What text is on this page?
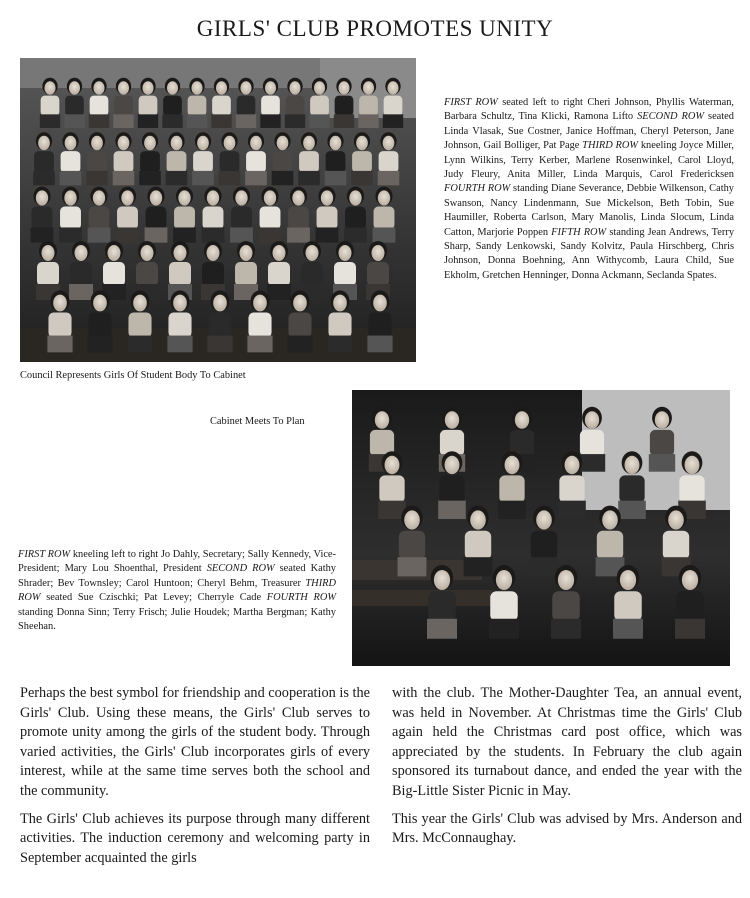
GIRLS' CLUB PROMOTES UNITY
FIRST ROW seated left to right Cheri Johnson, Phyllis Waterman, Barbara Schultz, Tina Klicki, Ramona Lifto SECOND ROW seated Linda Vlasak, Sue Costner, Janice Hoffman, Cheryl Peterson, Jane Johnson, Gail Bolliger, Pat Page THIRD ROW kneeling Joyce Miller, Lynn Wilkins, Terry Kerber, Marlene Rosenwinkel, Carol Lloyd, Judy Fleury, Anita Miller, Linda Marquis, Carol Fredericksen FOURTH ROW standing Diane Severance, Debbie Wilkenson, Cathy Swanson, Nancy Lindenmann, Sue Mickelson, Beth Tobin, Sue Haumiller, Roberta Carlson, Mary Manolis, Linda Slocum, Linda Catton, Marjorie Poppen FIFTH ROW standing Jean Andrews, Terry Sharp, Sandy Lenkowski, Sandy Kolvitz, Paula Hirschberg, Chris Johnson, Donna Boehning, Ann Withycomb, Laura Child, Sue Ekholm, Gretchen Henninger, Donna Ackmann, Seclanda Spates.
Council Represents Girls Of Student Body To Cabinet
Cabinet Meets To Plan
FIRST ROW kneeling left to right Jo Dahly, Secretary; Sally Kennedy, Vice-President; Mary Lou Shoenthal, President SECOND ROW seated Kathy Shrader; Bev Townsley; Carol Huntoon; Cheryl Behm, Treasurer THIRD ROW seated Sue Czischki; Pat Levey; Cherryle Cade FOURTH ROW standing Donna Sinn; Terry Frisch; Julie Houdek; Martha Bergman; Kathy Sheehan.

Perhaps the best symbol for friendship and cooperation is the Girls' Club. Using these means, the Girls' Club serves to promote unity among the girls of the student body. Through varied activities, the Girls' Club incorporates girls of every interest, while at the same time serves both the school and the community.

The Girls' Club achieves its purpose through many different activities. The induction ceremony and welcoming party in September acquainted the girls

with the club. The Mother-Daughter Tea, an annual event, was held in November. At Christmas time the Girls' Club again held the Christmas card post office, which was appreciated by the students. In February the club again sponsored its turnabout dance, and ended the year with the Big-Little Sister Picnic in May.

This year the Girls' Club was advised by Mrs. Anderson and Mrs. McConnaughay.
